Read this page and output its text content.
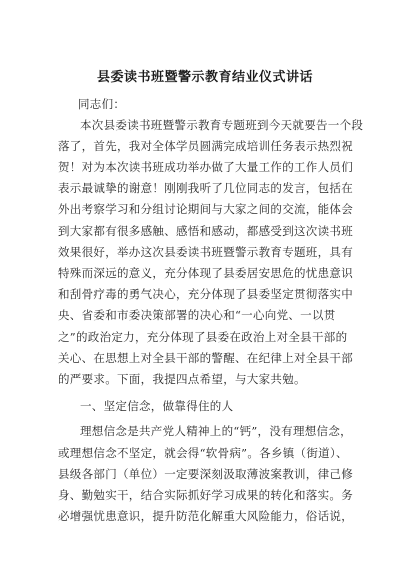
县委读书班暨警示教育结业仪式讲话
同志们：
本次县委读书班暨警示教育专题班到今天就要告一个段
落了，首先，我对全体学员圆满完成培训任务表示热烈祝
贺！对为本次读书班成功举办做了大量工作的工作人员们
表示最诚挚的谢意！刚刚我听了几位同志的发言，包括在
外出考察学习和分组讨论期间与大家之间的交流，能体会
到大家都有很多感触、感悟和感动，都感受到这次读书班
效果很好，举办这次县委读书班暨警示教育专题班，具有
特殊而深远的意义，充分体现了县委居安思危的忧患意识
和刮骨疗毒的勇气决心，充分体现了县委坚定贯彻落实中
央、省委和市委决策部署的决心和“一心向党、一以贯
之”的政治定力，充分体现了县委在政治上对全县干部的
关心、在思想上对全县干部的警醒、在纪律上对全县干部
的严要求。下面，我提四点希望，与大家共勉。
一、坚定信念，做靠得住的人
理想信念是共产党人精神上的“钙”，没有理想信念，
或理想信念不坚定，就会得“软骨病”。各乡镇（街道）、
县级各部门（单位）一定要深刻汲取薄波案教训，律己修
身、勤勉实干，结合实际抓好学习成果的转化和落实。务
必增强忧患意识，提升防范化解重大风险能力，俗话说，
